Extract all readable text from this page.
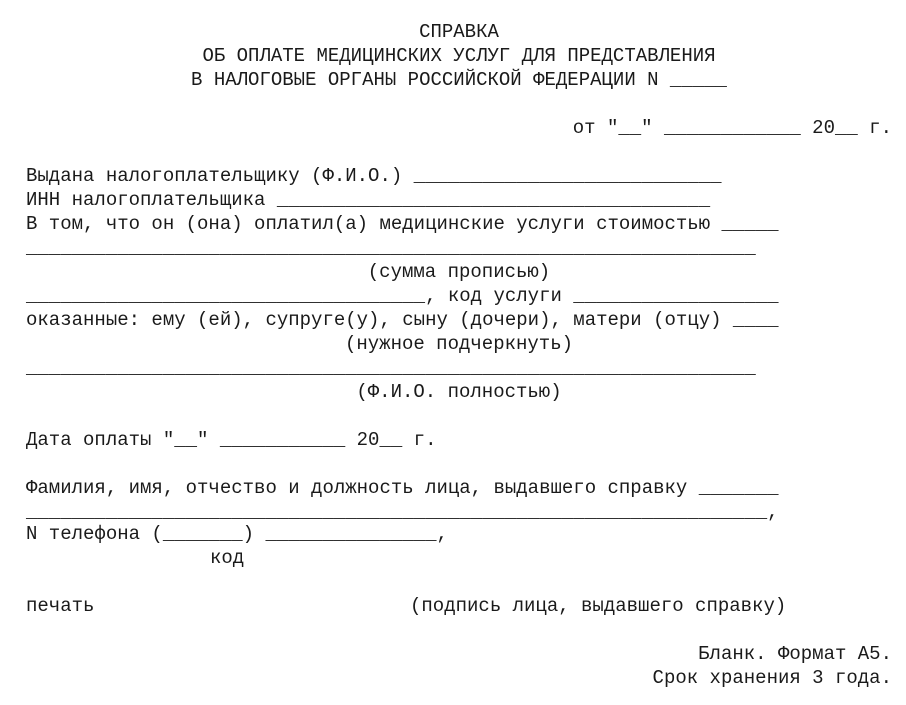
СПРАВКА
ОБ ОПЛАТЕ МЕДИЦИНСКИХ УСЛУГ ДЛЯ ПРЕДСТАВЛЕНИЯ
В НАЛОГОВЫЕ ОРГАНЫ РОССИЙСКОЙ ФЕДЕРАЦИИ N _____
от "__" ____________ 20__ г.
Выдана налогоплательщику (Ф.И.О.) ___________________________
ИНН налогоплательщика ______________________________________
В том, что он (она) оплатил(а) медицинские услуги стоимостью _____
________________________________________________________________
(сумма прописью)
___________________________________, код услуги __________________
оказанные: ему (ей), супруге(у), сыну (дочери), матери (отцу) ____
(нужное подчеркнуть)
________________________________________________________________
(Ф.И.О. полностью)
Дата оплаты "__" ___________ 20__ г.
Фамилия, имя, отчество и должность лица, выдавшего справку _______
_________________________________________________________________,
N телефона (_______) _______________,
код
печать	(подпись лица, выдавшего справку)
Бланк. Формат А5.
Срок хранения 3 года.
